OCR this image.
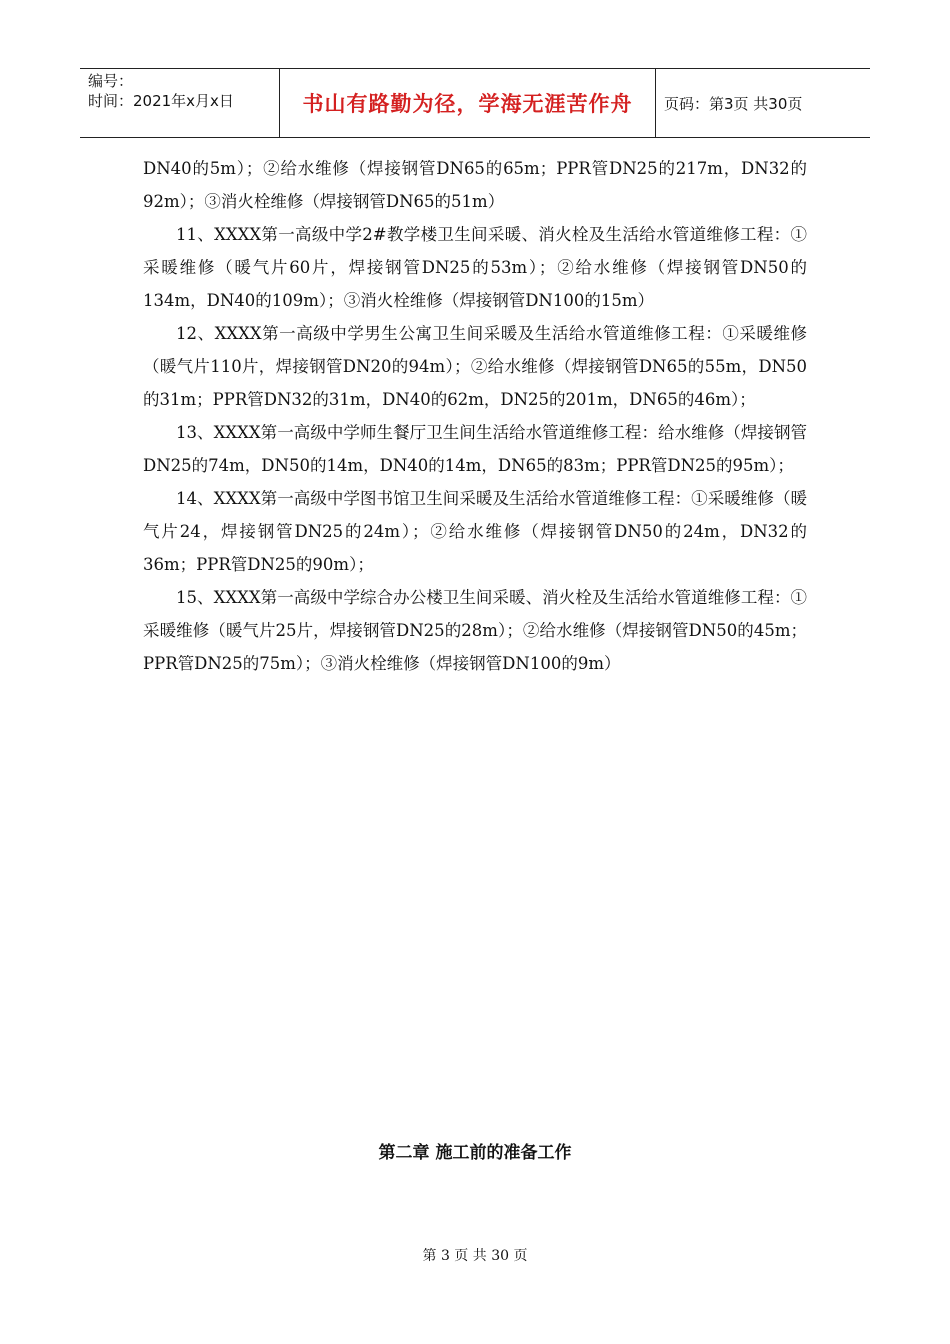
编号：
时间：2021年x月x日	书山有路勤为径，学海无涯苦作舟	页码：第3页 共30页

DN40的5m）；②给水维修（焊接钢管DN65的65m；PPR管DN25的217m，DN32的92m）；③消火栓维修（焊接钢管DN65的51m）

11、XXXX第一高级中学2#教学楼卫生间采暖、消火栓及生活给水管道维修工程：①采暖维修（暖气片60片，焊接钢管DN25的53m）；②给水维修（焊接钢管DN50的134m，DN40的109m）；③消火栓维修（焊接钢管DN100的15m）

12、XXXX第一高级中学男生公寓卫生间采暖及生活给水管道维修工程：①采暖维修（暖气片110片，焊接钢管DN20的94m）；②给水维修（焊接钢管DN65的55m，DN50的31m；PPR管DN32的31m，DN40的62m，DN25的201m，DN65的46m）；

13、XXXX第一高级中学师生餐厅卫生间生活给水管道维修工程：给水维修（焊接钢管DN25的74m，DN50的14m，DN40的14m，DN65的83m；PPR管DN25的95m）；

14、XXXX第一高级中学图书馆卫生间采暖及生活给水管道维修工程：①采暖维修（暖气片24，焊接钢管DN25的24m）；②给水维修（焊接钢管DN50的24m，DN32的36m；PPR管DN25的90m）；

15、XXXX第一高级中学综合办公楼卫生间采暖、消火栓及生活给水管道维修工程：①采暖维修（暖气片25片，焊接钢管DN25的28m）；②给水维修（焊接钢管DN50的45m；PPR管DN25的75m）；③消火栓维修（焊接钢管DN100的9m）

第二章 施工前的准备工作
第 3 页 共 30 页
